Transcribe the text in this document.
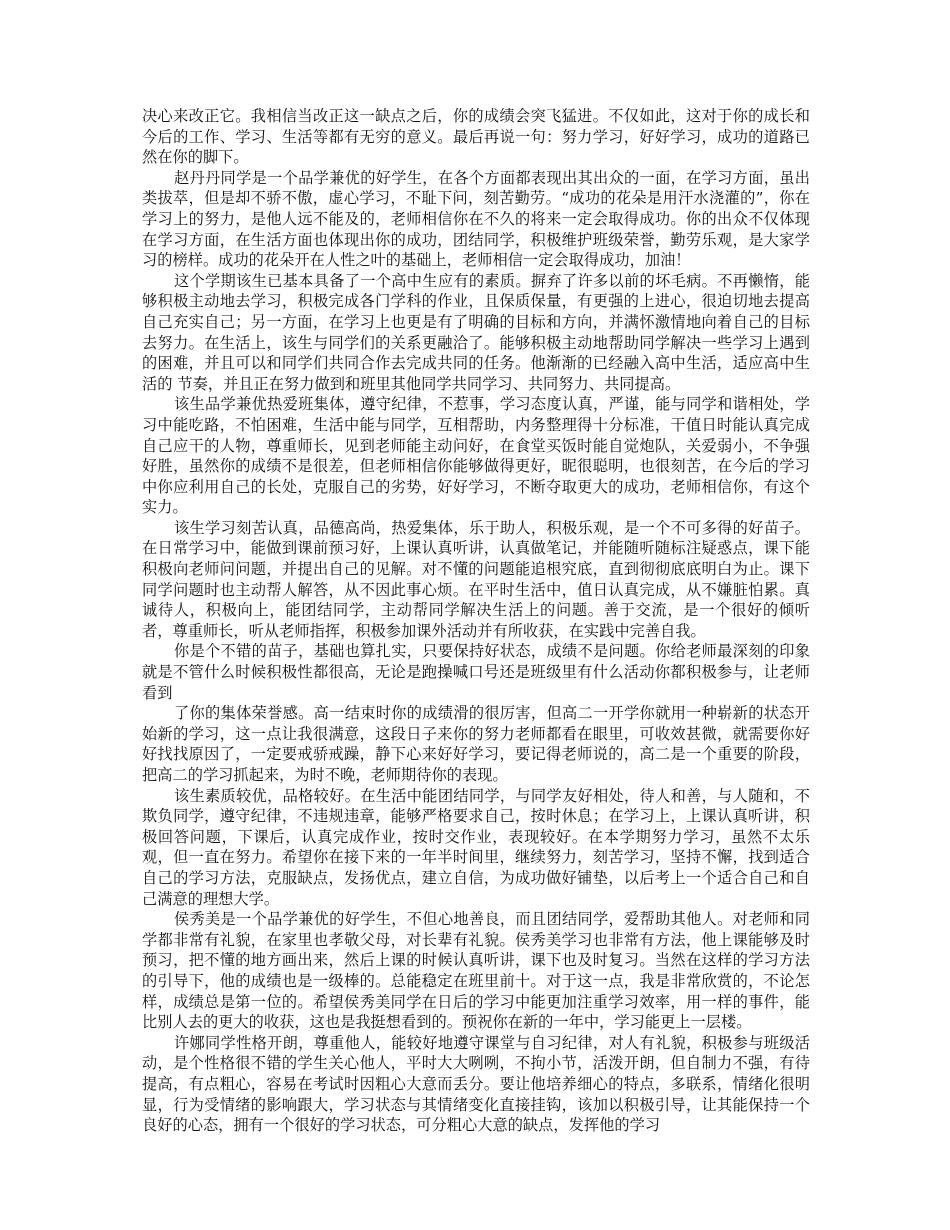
决心来改正它。我相信当改正这一缺点之后，你的成绩会突飞猛进。不仅如此，这对于你的成长和今后的工作、学习、生活等都有无穷的意义。最后再说一句：努力学习，好好学习，成功的道路已然在你的脚下。

赵丹丹同学是一个品学兼优的好学生，在各个方面都表现出其出众的一面，在学习方面，虽出类拔萃，但是却不骄不傲，虚心学习，不耻下问，刻苦勤劳。“成功的花朵是用汗水浇灌的”，你在学习上的努力，是他人远不能及的，老师相信你在不久的将来一定会取得成功。你的出众不仅体现在学习方面，在生活方面也体现出你的成功，团结同学，积极维护班级荣誉，勤劳乐观，是大家学习的榜样。成功的花朵开在人性之叶的基础上，老师相信一定会取得成功，加油！

这个学期该生已基本具备了一个高中生应有的素质。摒弃了许多以前的坏毛病。不再懒惰，能够积极主动地去学习，积极完成各门学科的作业，且保质保量，有更强的上进心，很迫切地去提高自己充实自己；另一方面，在学习上也更是有了明确的目标和方向，并满怀激情地向着自己的目标去努力。在生活上，该生与同学们的关系更融洽了。能够积极主动地帮助同学解决一些学习上遇到的困难，并且可以和同学们共同合作去完成共同的任务。他渐渐的已经融入高中生活，适应高中生活的 节奏，并且正在努力做到和班里其他同学共同学习、共同努力、共同提高。

该生品学兼优热爱班集体，遵守纪律，不惹事，学习态度认真，严谨，能与同学和谐相处，学习中能吃路，不怕困难，生活中能与同学，互相帮助，内务整理得十分标准，干值日时能认真完成自己应干的人物，尊重师长，见到老师能主动问好，在食堂买饭时能自觉炮队，关爱弱小，不争强好胜，虽然你的成绩不是很差，但老师相信你能够做得更好，昵很聪明，也很刻苦，在今后的学习中你应利用自己的长处，克服自己的劣势，好好学习，不断夺取更大的成功，老师相信你，有这个实力。

该生学习刻苦认真，品德高尚，热爱集体，乐于助人，积极乐观，是一个不可多得的好苗子。在日常学习中，能做到课前预习好，上课认真听讲，认真做笔记，并能随听随标注疑惑点，课下能积极向老师问问题，并提出自己的见解。对不懂的问题能追根究底，直到彻彻底底明白为止。课下同学问题时也主动帮人解答，从不因此事心烦。在平时生活中，值日认真完成，从不嫌脏怕累。真诚待人，积极向上，能团结同学，主动帮同学解决生活上的问题。善于交流，是一个很好的倾听者，尊重师长，听从老师指挥，积极参加课外活动并有所收获，在实践中完善自我。

你是个不错的苗子，基础也算扎实，只要保持好状态，成绩不是问题。你给老师最深刻的印象就是不管什么时候积极性都很高，无论是跑操喊口号还是班级里有什么活动你都积极参与，让老师看到

了你的集体荣誉感。高一结束时你的成绩滑的很厉害，但高二一开学你就用一种崭新的状态开始新的学习，这一点让我很满意，这段日子来你的努力老师都看在眼里，可收效甚微，就需要你好好找找原因了，一定要戒骄戒躁，静下心来好好学习，要记得老师说的，高二是一个重要的阶段，把高二的学习抓起来，为时不晚，老师期待你的表现。

该生素质较优，品格较好。在生活中能团结同学，与同学友好相处，待人和善，与人随和，不欺负同学，遵守纪律，不违规违章，能够严格要求自己，按时休息；在学习上，上课认真听讲，积极回答问题，下课后，认真完成作业，按时交作业，表现较好。在本学期努力学习，虽然不太乐观，但一直在努力。希望你在接下来的一年半时间里，继续努力，刻苦学习，坚持不懈，找到适合自己的学习方法，克服缺点，发扬优点，建立自信，为成功做好铺垫，以后考上一个适合自己和自己满意的理想大学。

侯秀美是一个品学兼优的好学生，不但心地善良，而且团结同学，爱帮助其他人。对老师和同学都非常有礼貌，在家里也孝敬父母，对长辈有礼貌。侯秀美学习也非常有方法，他上课能够及时预习，把不懂的地方画出来，然后上课的时候认真听讲，课下也及时复习。当然在这样的学习方法的引导下，他的成绩也是一级棒的。总能稳定在班里前十。对于这一点，我是非常欣赏的，不论怎样，成绩总是第一位的。希望侯秀美同学在日后的学习中能更加注重学习效率，用一样的事件，能比别人去的更大的收获，这也是我挺想看到的。预祝你在新的一年中，学习能更上一层楼。

许娜同学性格开朗，尊重他人，能较好地遵守课堂与自习纪律，对人有礼貌，积极参与班级活动，是个性格很不错的学生关心他人，平时大大咧咧，不拘小节，活泼开朗，但自制力不强，有待提高，有点粗心，容易在考试时因粗心大意而丢分。要让他培养细心的特点，多联系，情绪化很明显，行为受情绪的影响跟大，学习状态与其情绪变化直接挂钩，该加以积极引导，让其能保持一个良好的心态，拥有一个很好的学习状态，可分粗心大意的缺点，发挥他的学习
